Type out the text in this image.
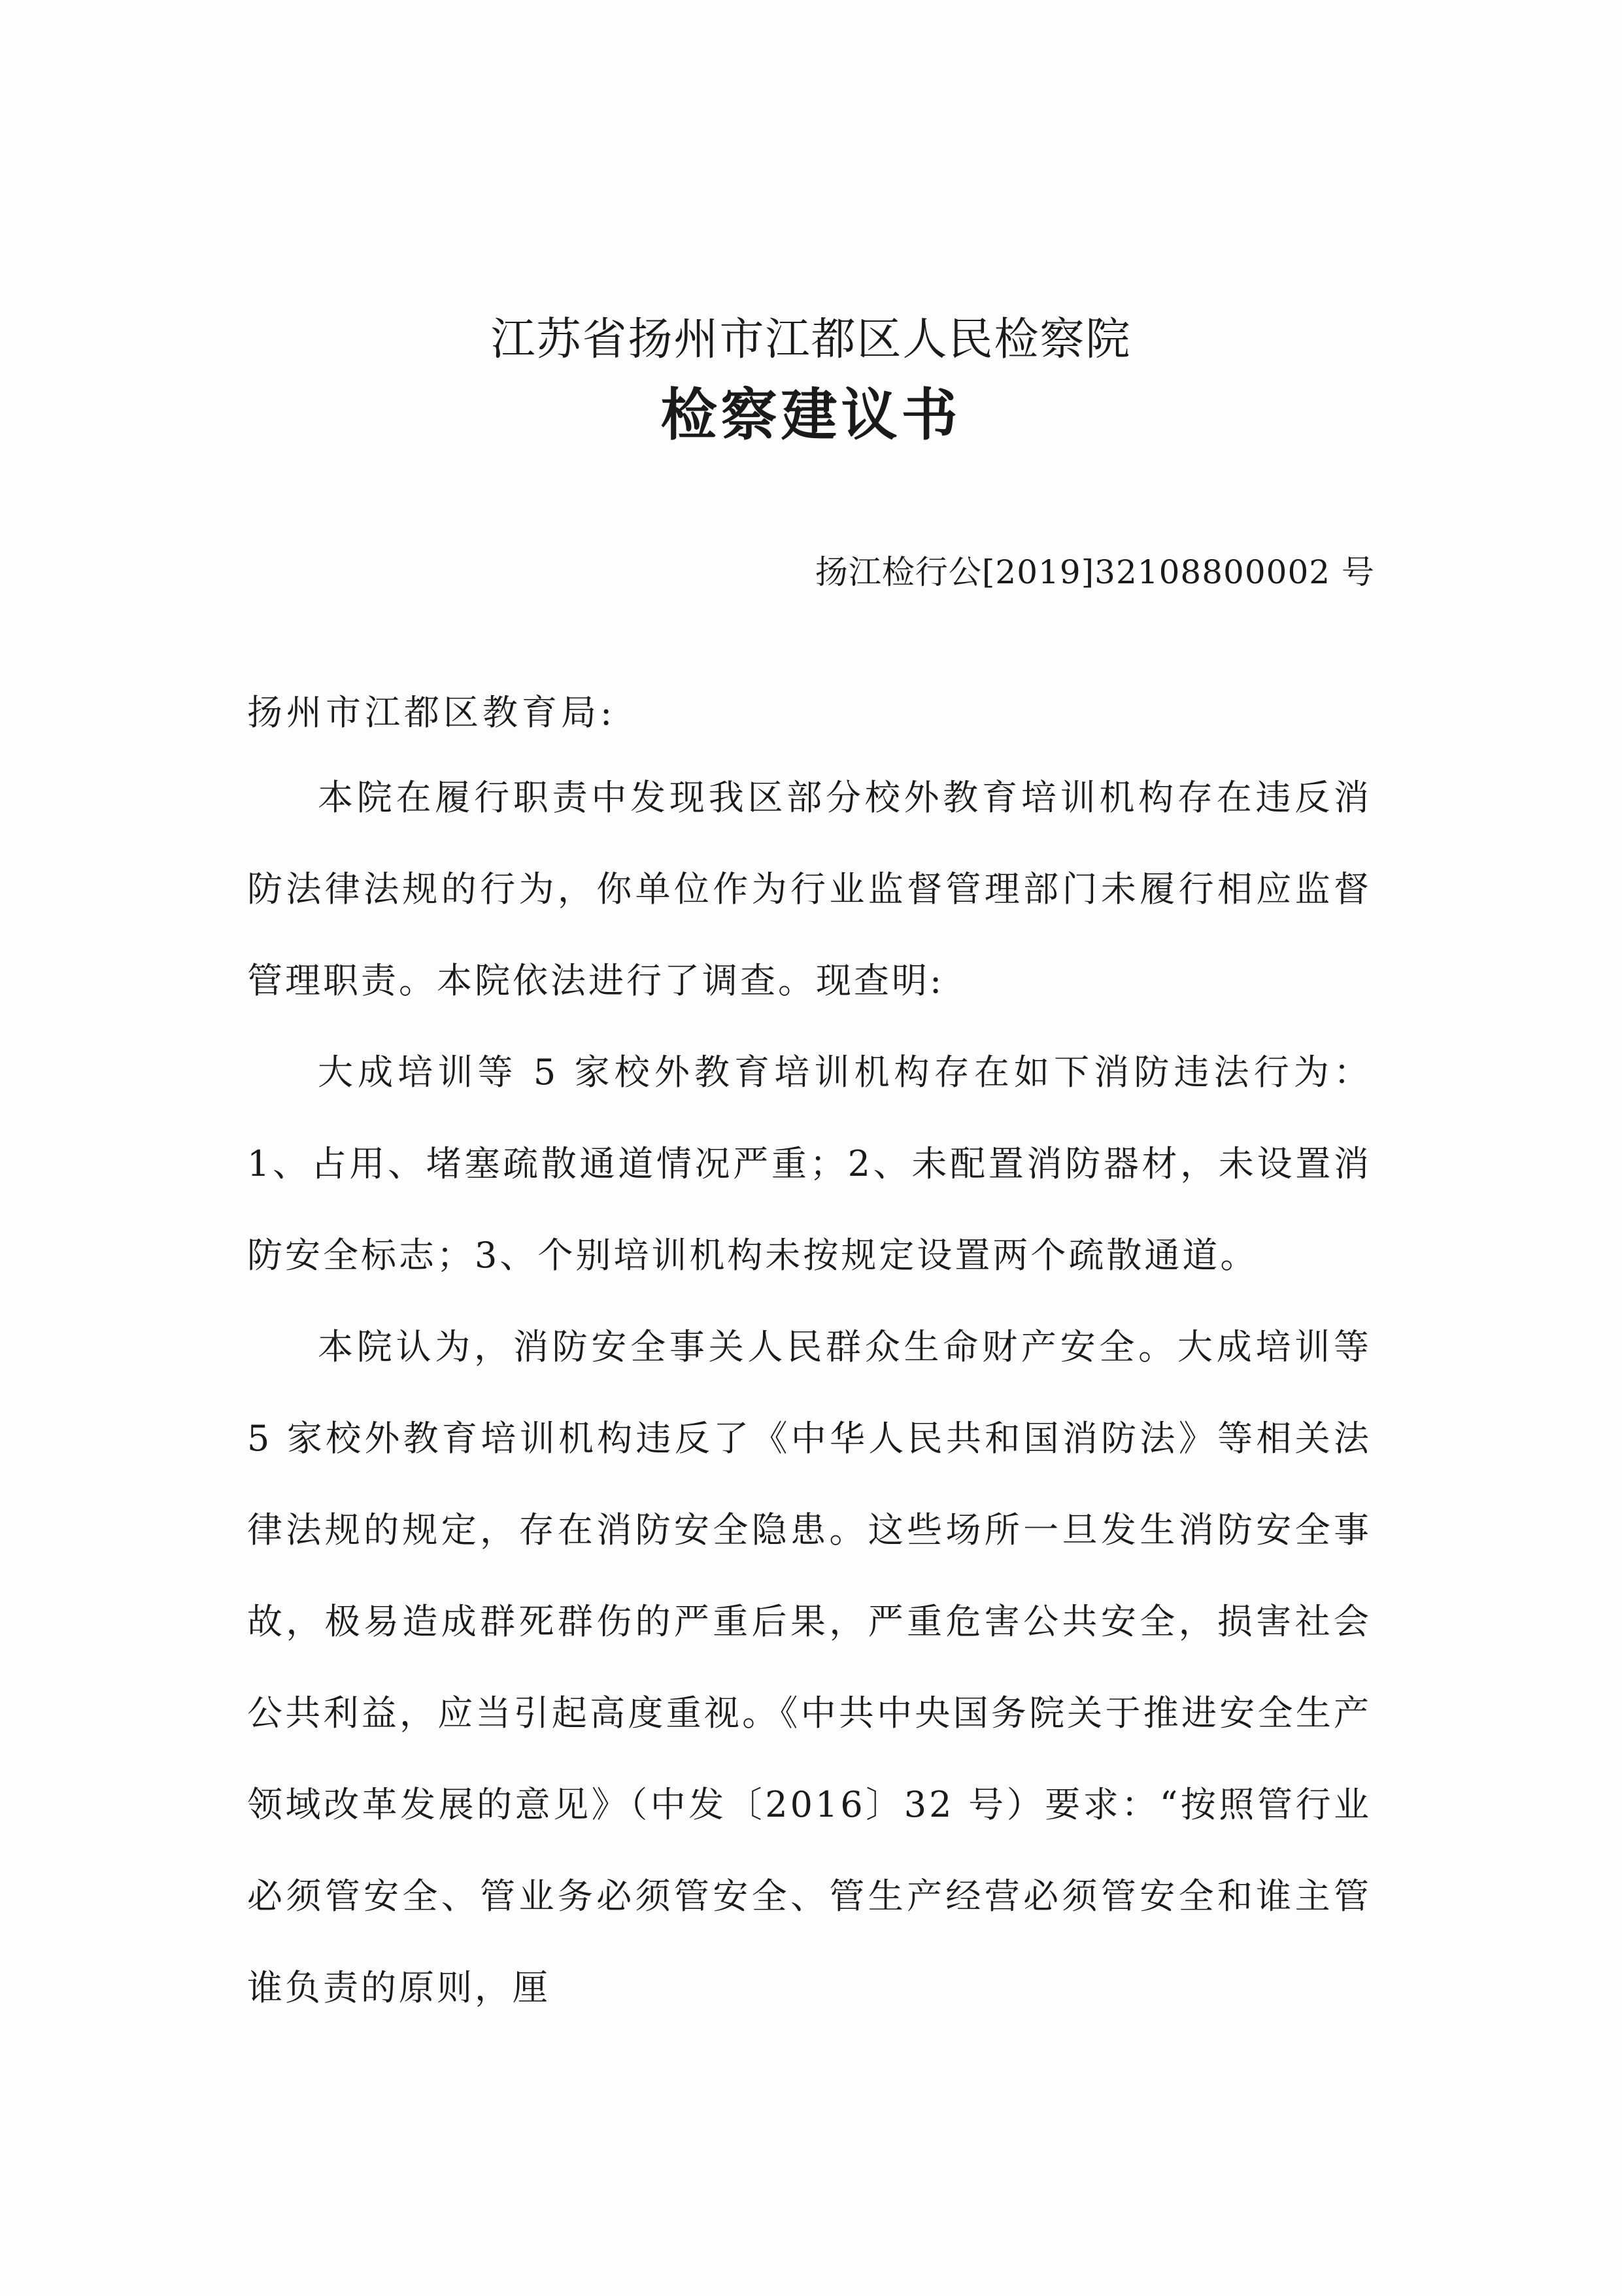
江苏省扬州市江都区人民检察院
检察建议书
扬江检行公[2019]32108800002 号
扬州市江都区教育局:

本院在履行职责中发现我区部分校外教育培训机构存在违反消防法律法规的行为，你单位作为行业监督管理部门未履行相应监督管理职责。本院依法进行了调查。现查明:

大成培训等 5 家校外教育培训机构存在如下消防违法行为：1、占用、堵塞疏散通道情况严重；2、未配置消防器材，未设置消防安全标志；3、个别培训机构未按规定设置两个疏散通道。

本院认为，消防安全事关人民群众生命财产安全。大成培训等 5 家校外教育培训机构违反了《中华人民共和国消防法》等相关法律法规的规定，存在消防安全隐患。这些场所一旦发生消防安全事故，极易造成群死群伤的严重后果，严重危害公共安全，损害社会公共利益，应当引起高度重视。《中共中央国务院关于推进安全生产领域改革发展的意见》（中发〔2016〕32 号）要求：“按照管行业必须管安全、管业务必须管安全、管生产经营必须管安全和谁主管谁负责的原则，厘
